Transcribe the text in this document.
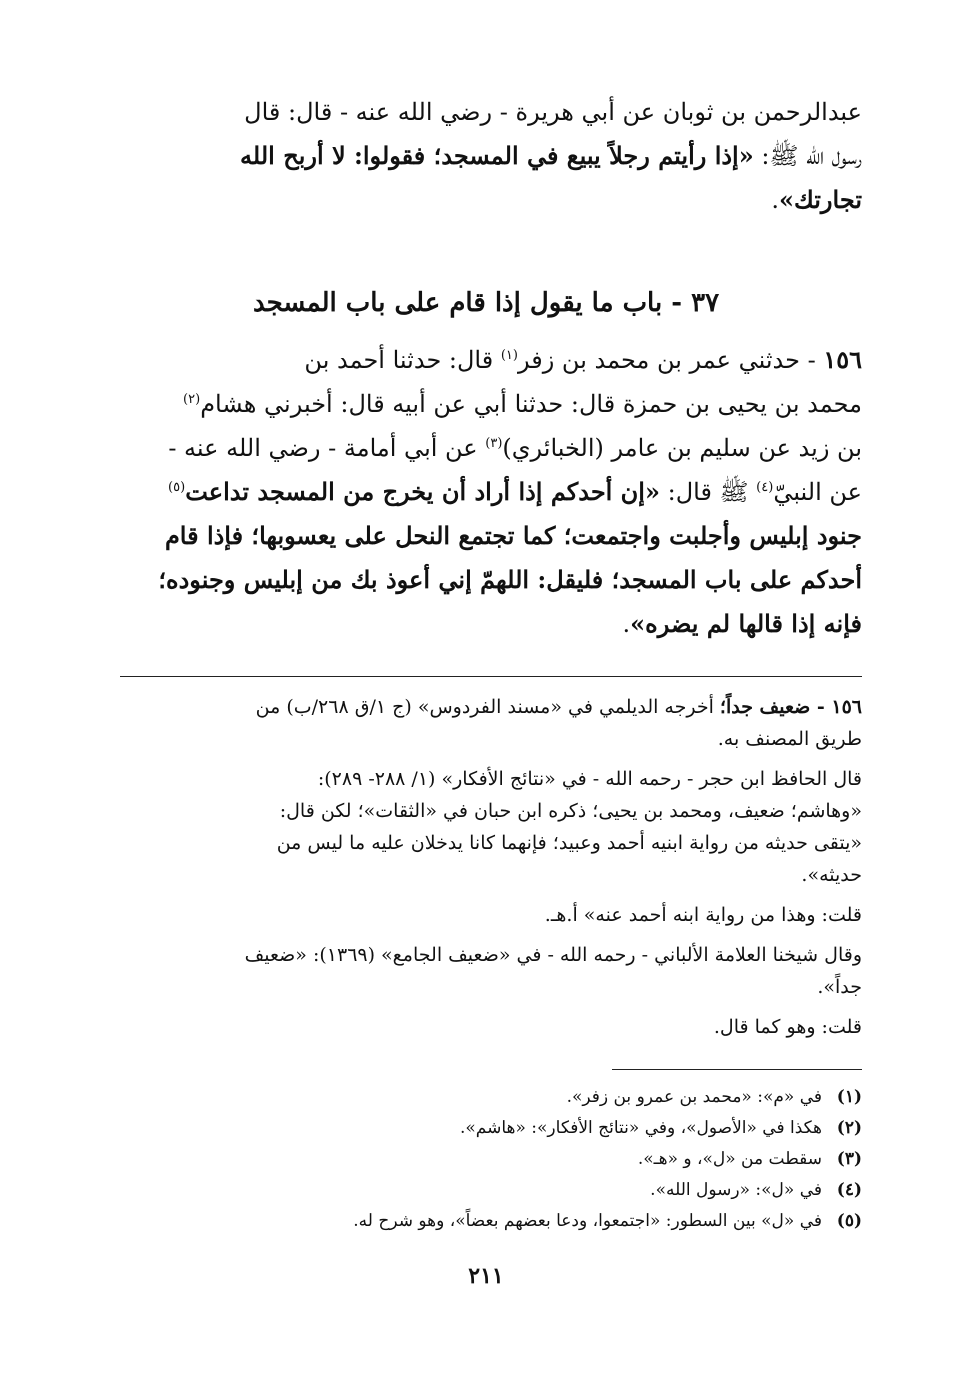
عبدالرحمن بن ثوبان عن أبي هريرة - رضي الله عنه - قال: قال
رسول الله ﷺ: «إذا رأيتم رجلاً يبيع في المسجد؛ فقولوا: لا أربح الله
تجارتك».
٣٧ - باب ما يقول إذا قام على باب المسجد
١٥٦ - حدثني عمر بن محمد بن زفر$^{(١)}$ قال: حدثنا أحمد بن
محمد بن يحيى بن حمزة قال: حدثنا أبي عن أبيه قال: أخبرني هشام$^{(٢)}$
بن زيد عن سليم بن عامر (الخبائري)$^{(٣)}$ عن أبي أمامة - رضي الله عنه -
عن النبيّ$^{(٤)}$ ﷺ قال: «إن أحدكم إذا أراد أن يخرج من المسجد تداعت$^{(٥)}$
جنود إبليس وأجلبت واجتمعت؛ كما تجتمع النحل على يعسوبها؛ فإذا قام
أحدكم على باب المسجد؛ فليقل: اللهمّ إني أعوذ بك من إبليس وجنوده؛
فإنه إذا قالها لم يضره».
١٥٦ - ضعيف جداً؛ أخرجه الديلمي في «مسند الفردوس» (ج ١/ق ٢٦٨/ب) من
طريق المصنف به.
قال الحافظ ابن حجر - رحمه الله - في «نتائج الأفكار» (١/ ٢٨٨- ٢٨٩):
«وهاشم؛ ضعيف، ومحمد بن يحيى؛ ذكره ابن حبان في «الثقات»؛ لكن قال:
«يتقى حديثه من رواية ابنيه أحمد وعبيد؛ فإنهما كانا يدخلان عليه ما ليس من
حديثه».
قلت: وهذا من رواية ابنه أحمد عنه» أ.هـ.
وقال شيخنا العلامة الألباني - رحمه الله - في «ضعيف الجامع» (١٣٦٩): «ضعيف
جداً».
قلت: وهو كما قال.
(١)في «م»: «محمد بن عمرو بن زفر».
(٢)هكذا في «الأصول»، وفي «نتائج الأفكار»: «هاشم».
(٣)سقطت من «ل»، و «هـ».
(٤)في «ل»: «رسول الله».
(٥)في «ل» بين السطور: «اجتمعوا، ودعا بعضهم بعضاً»، وهو شرح له.
٢١١
